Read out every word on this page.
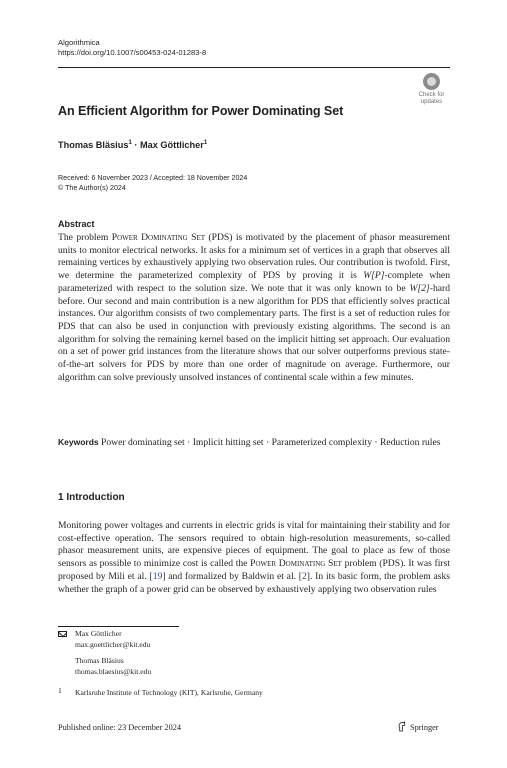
Algorithmica
https://doi.org/10.1007/s00453-024-01283-8
Check for
updates
An Efficient Algorithm for Power Dominating Set
Thomas Bläsius$^1$ · Max Göttlicher$^1$
Received: 6 November 2023 / Accepted: 18 November 2024
© The Author(s) 2024
Abstract
The problem Power Dominating Set (PDS) is motivated by the placement of phasor measurement units to monitor electrical networks. It asks for a minimum set of vertices in a graph that observes all remaining vertices by exhaustively applying two observation rules. Our contribution is twofold. First, we determine the parameterized complexity of PDS by proving it is W[P]-complete when parameterized with respect to the solution size. We note that it was only known to be W[2]-hard before. Our second and main contribution is a new algorithm for PDS that efficiently solves practical instances. Our algorithm consists of two complementary parts. The first is a set of reduction rules for PDS that can also be used in conjunction with previously existing algorithms. The second is an algorithm for solving the remaining kernel based on the implicit hitting set approach. Our evaluation on a set of power grid instances from the literature shows that our solver outperforms previous state-of-the-art solvers for PDS by more than one order of magnitude on average. Furthermore, our algorithm can solve previously unsolved instances of continental scale within a few minutes.
Keywords Power dominating set · Implicit hitting set · Parameterized complexity · Reduction rules
1 Introduction
Monitoring power voltages and currents in electric grids is vital for maintaining their stability and for cost-effective operation. The sensors required to obtain high-resolution measurements, so-called phasor measurement units, are expensive pieces of equipment. The goal to place as few of those sensors as possible to minimize cost is called the Power Dominating Set problem (PDS). It was first proposed by Mili et al. [19] and formalized by Baldwin et al. [2]. In its basic form, the problem asks whether the graph of a power grid can be observed by exhaustively applying two observation rules
Max Göttlicher
max.goettlicher@kit.edu
Thomas Bläsius
thomas.blaesius@kit.edu
1 Karlsruhe Institute of Technology (KIT), Karlsruhe, Germany
Published online: 23 December 2024	Springer
